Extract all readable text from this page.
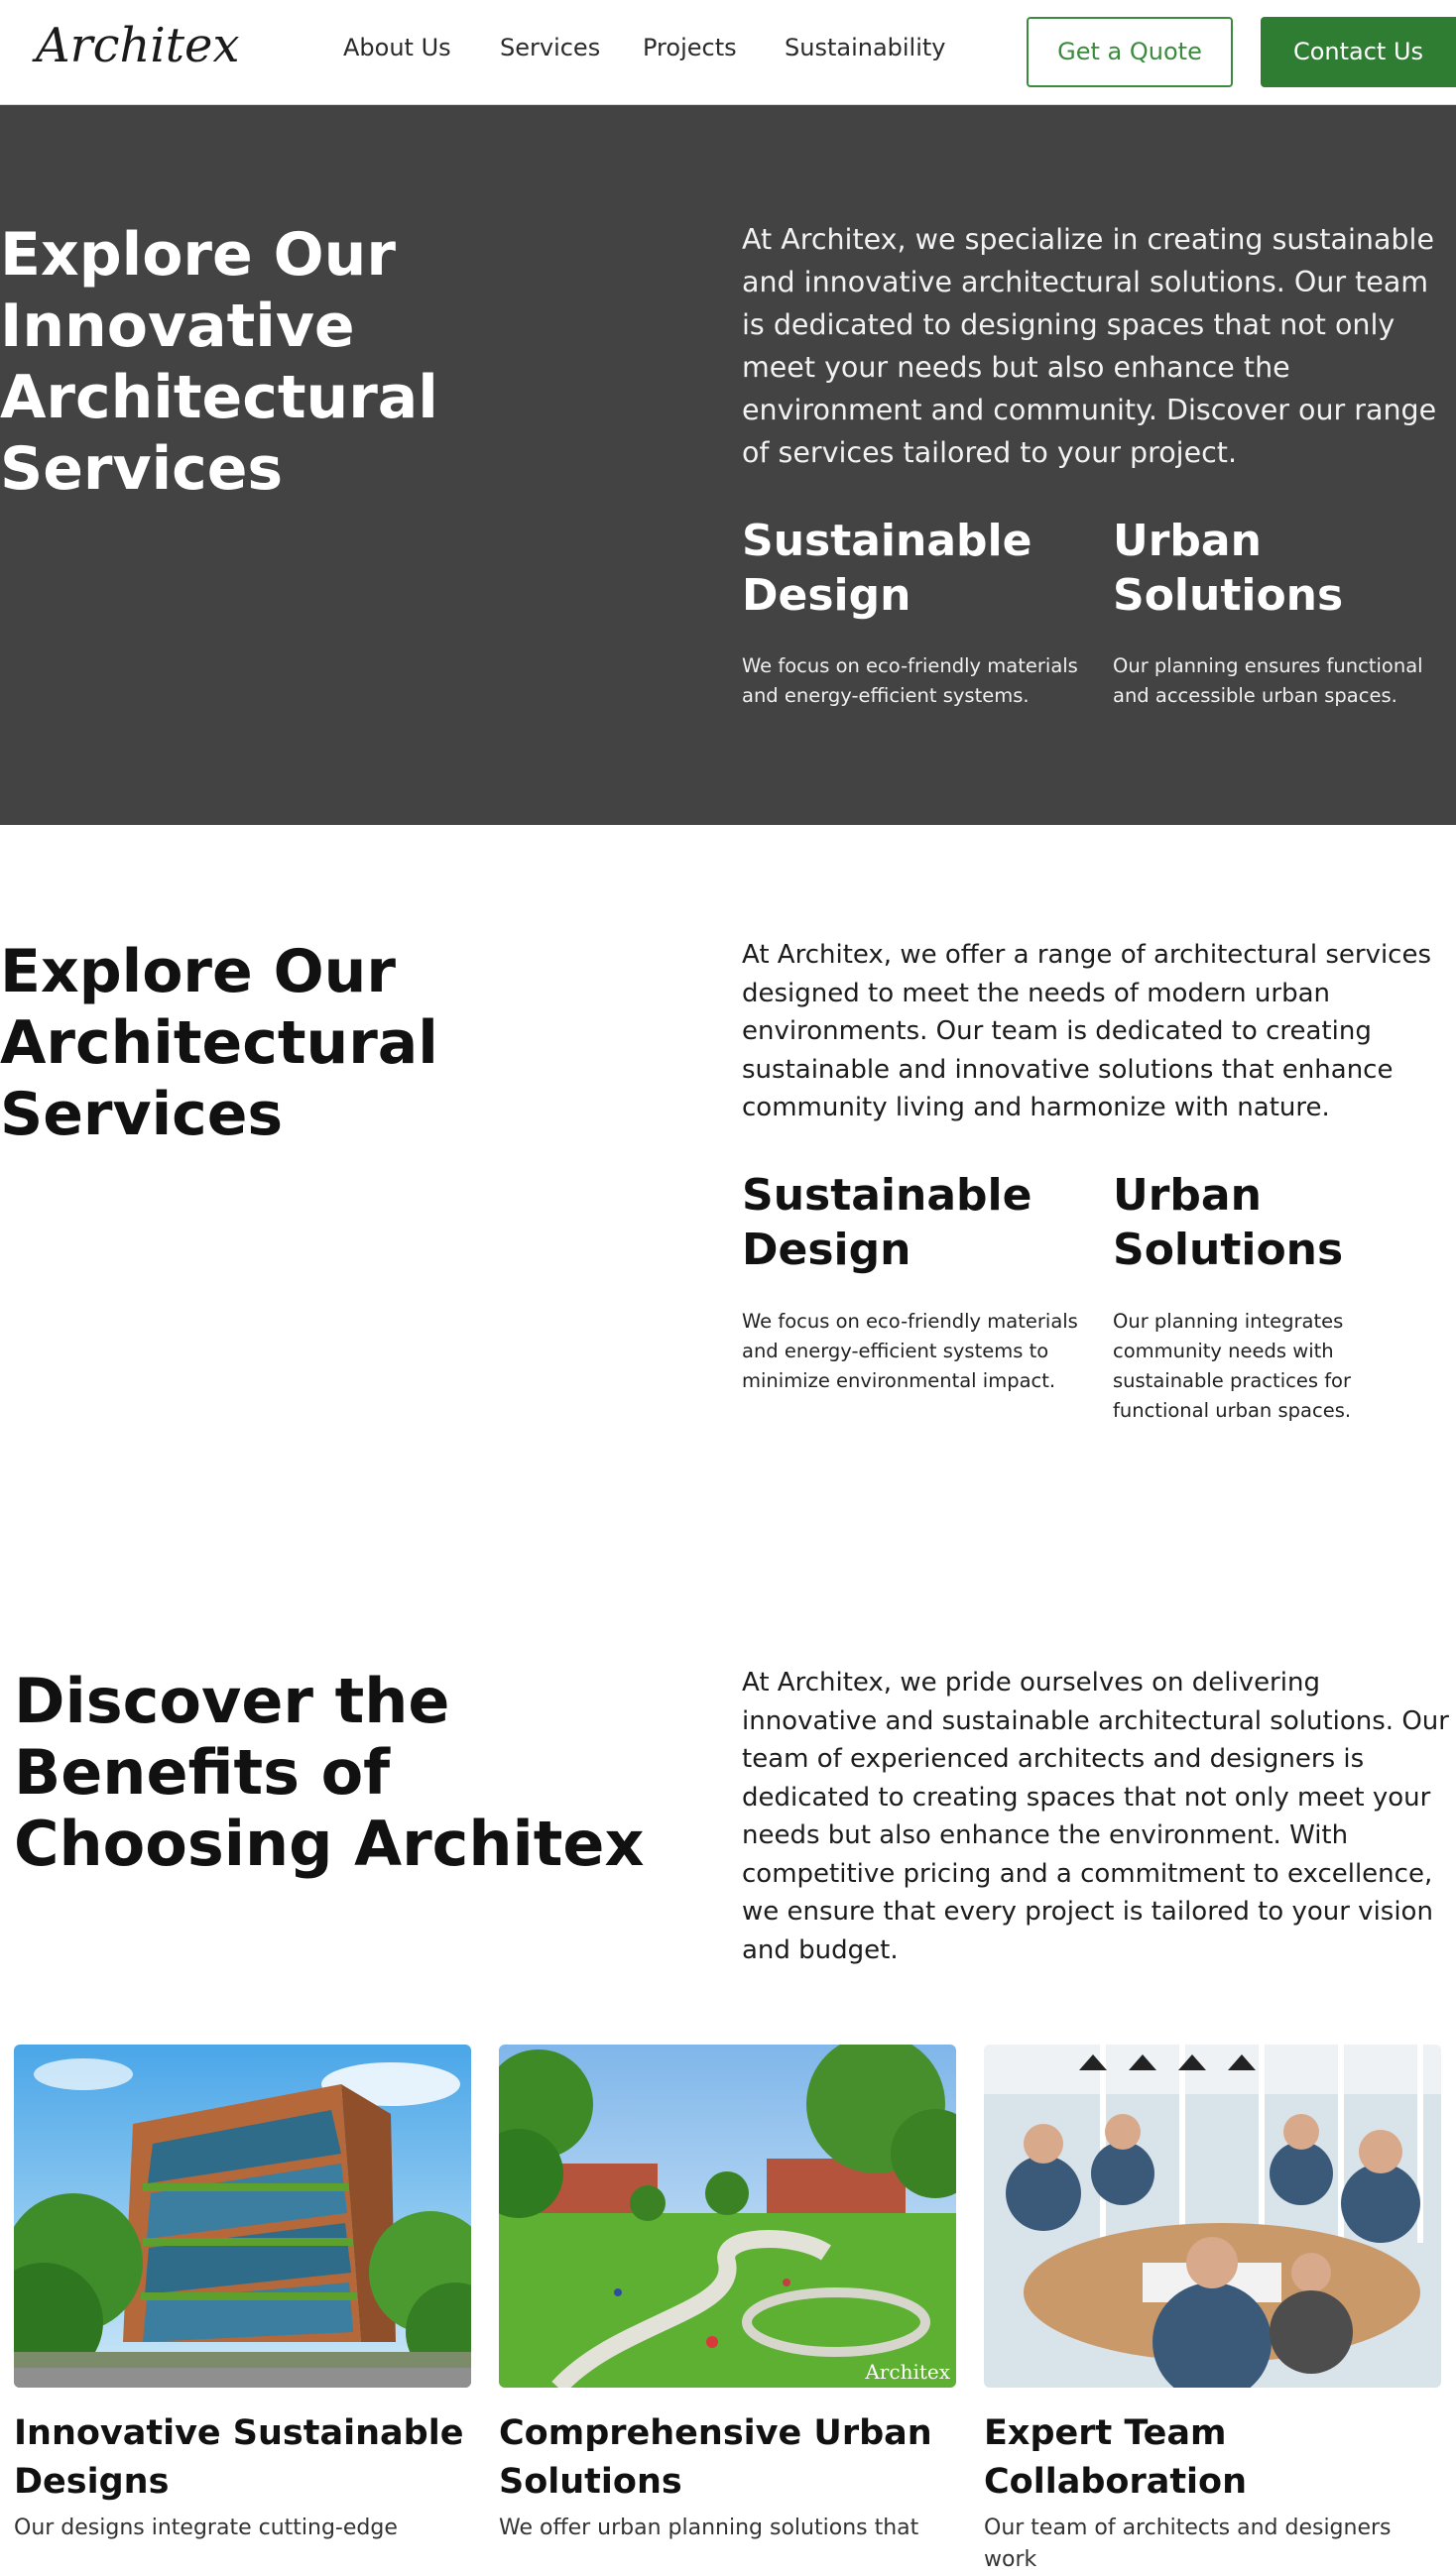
Architex	About Us Services Projects Sustainability	Get a Quote	Contact Us
Explore Our Innovative Architectural Services

At Architex, we specialize in creating sustainable and innovative architectural solutions. Our team is dedicated to designing spaces that not only meet your needs but also enhance the environment and community. Discover our range of services tailored to your project.

Sustainable Design

We focus on eco-friendly materials and energy-efficient systems.

Urban Solutions

Our planning ensures functional and accessible urban spaces.

Explore Our Architectural Services

At Architex, we offer a range of architectural services designed to meet the needs of modern urban environments. Our team is dedicated to creating sustainable and innovative solutions that enhance community living and harmonize with nature.

Sustainable Design

We focus on eco-friendly materials and energy-efficient systems to minimize environmental impact.

Urban Solutions

Our planning integrates community needs with sustainable practices for functional urban spaces.

Discover the Benefits of Choosing Architex

At Architex, we pride ourselves on delivering innovative and sustainable architectural solutions. Our team of experienced architects and designers is dedicated to creating spaces that not only meet your needs but also enhance the environment. With competitive pricing and a commitment to excellence, we ensure that every project is tailored to your vision and budget.

Innovative Sustainable Designs

Our designs integrate cutting-edge

Architex
Comprehensive Urban Solutions

We offer urban planning solutions that

Expert Team Collaboration

Our team of architects and designers work
